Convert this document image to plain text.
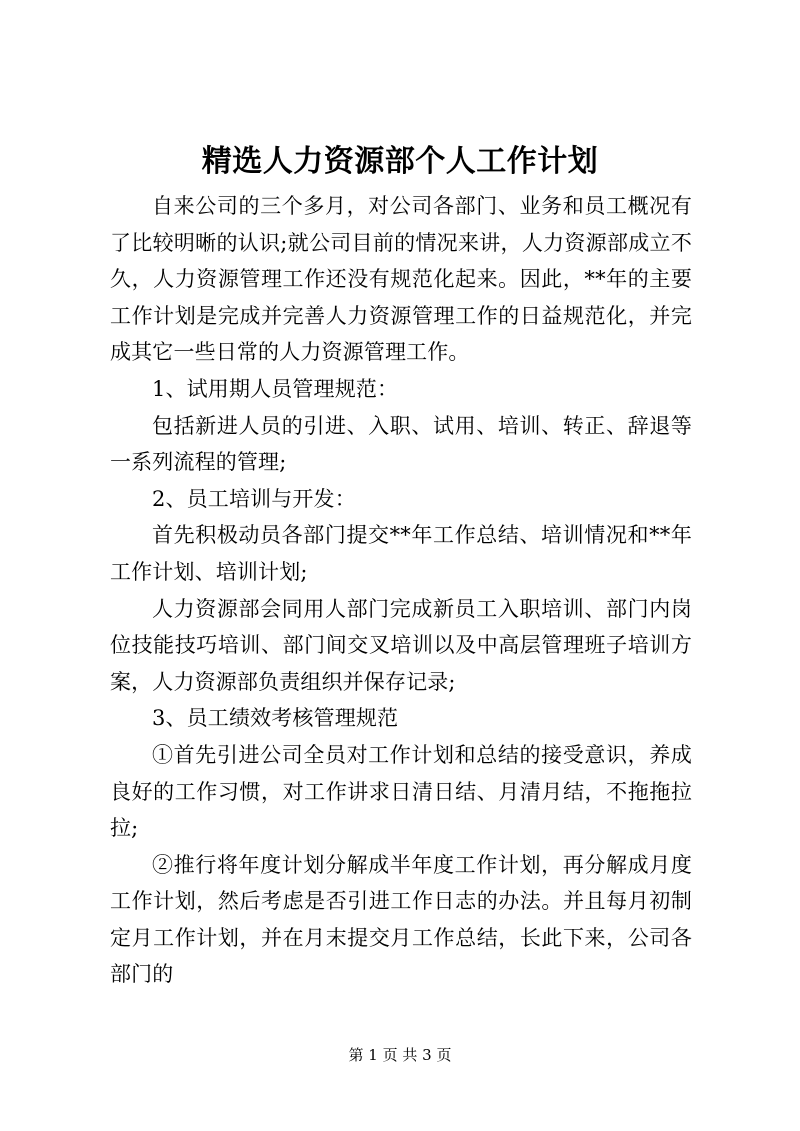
精选人力资源部个人工作计划

自来公司的三个多月，对公司各部门、业务和员工概况有了比较明晰的认识;就公司目前的情况来讲，人力资源部成立不久，人力资源管理工作还没有规范化起来。因此，**年的主要工作计划是完成并完善人力资源管理工作的日益规范化，并完成其它一些日常的人力资源管理工作。

1、试用期人员管理规范：

包括新进人员的引进、入职、试用、培训、转正、辞退等一系列流程的管理;

2、员工培训与开发：

首先积极动员各部门提交**年工作总结、培训情况和**年工作计划、培训计划;

人力资源部会同用人部门完成新员工入职培训、部门内岗位技能技巧培训、部门间交叉培训以及中高层管理班子培训方案，人力资源部负责组织并保存记录;

3、员工绩效考核管理规范

①首先引进公司全员对工作计划和总结的接受意识，养成良好的工作习惯，对工作讲求日清日结、月清月结，不拖拖拉拉;

②推行将年度计划分解成半年度工作计划，再分解成月度工作计划，然后考虑是否引进工作日志的办法。并且每月初制定月工作计划，并在月末提交月工作总结，长此下来，公司各部门的

第 1 页 共 3 页
